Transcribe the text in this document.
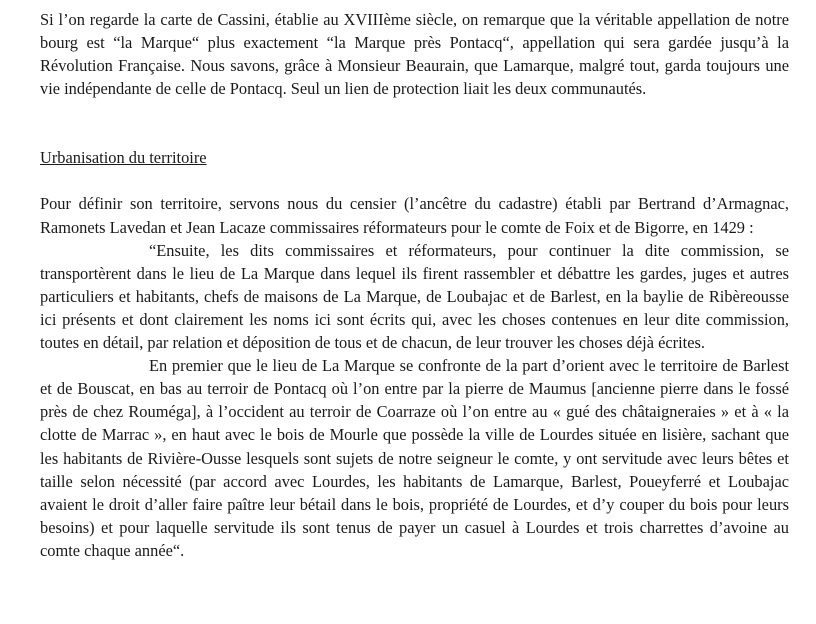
Si l’on regarde la carte de Cassini, établie au XVIIIème siècle, on remarque que la véritable appellation de notre bourg est “la Marque“ plus exactement “la Marque près Pontacq“, appellation qui sera gardée jusqu’à la Révolution Française. Nous savons, grâce à Monsieur Beaurain, que Lamarque, malgré tout, garda toujours une vie indépendante de celle de Pontacq. Seul un lien de protection liait les deux communautés.

Urbanisation du territoire

Pour définir son territoire, servons nous du censier (l’ancêtre du cadastre) établi par Bertrand d’Armagnac, Ramonets Lavedan et Jean Lacaze commissaires réformateurs pour le comte de Foix et de Bigorre, en 1429 :

“Ensuite, les dits commissaires et réformateurs, pour continuer la dite commission, se transportèrent dans le lieu de La Marque dans lequel ils firent rassembler et débattre les gardes, juges et autres particuliers et habitants, chefs de maisons de La Marque, de Loubajac et de Barlest, en la baylie de Ribèreousse ici présents et dont clairement les noms ici sont écrits qui, avec les choses contenues en leur dite commission, toutes en détail, par relation et déposition de tous et de chacun, de leur trouver les choses déjà écrites.

En premier que le lieu de La Marque se confronte de la part d’orient avec le territoire de Barlest et de Bouscat, en bas au terroir de Pontacq où l’on entre par la pierre de Maumus [ancienne pierre dans le fossé près de chez Rouméga], à l’occident au terroir de Coarraze où l’on entre au « gué des châtaigneraies » et à « la clotte de Marrac », en haut avec le bois de Mourle que possède la ville de Lourdes située en lisière, sachant que les habitants de Rivière-Ousse lesquels sont sujets de notre seigneur le comte, y ont servitude avec leurs bêtes et taille selon nécessité (par accord avec Lourdes, les habitants de Lamarque, Barlest, Poueyferré et Loubajac avaient le droit d’aller faire paître leur bétail dans le bois, propriété de Lourdes, et d’y couper du bois pour leurs besoins) et pour laquelle servitude ils sont tenus de payer un casuel à Lourdes et trois charrettes d’avoine au comte chaque année“.
